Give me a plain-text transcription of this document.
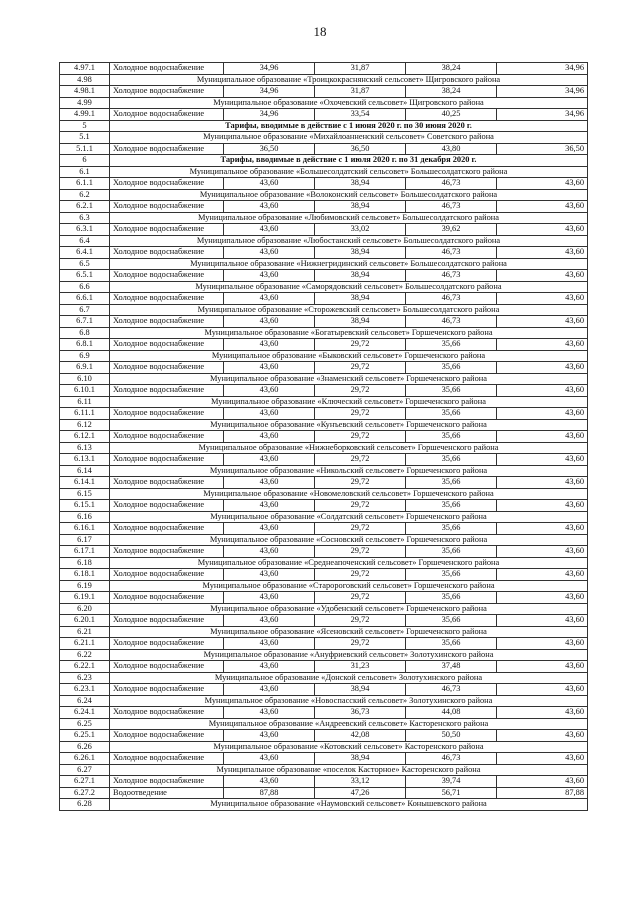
18
4.97.1	Холодное водоснабжение	34,96	31,87	38,24	34,96
4.98	Муниципальное образование «Троицкокраснянский сельсовет» Щигровского района				
4.98.1	Холодное водоснабжение	34,96	31,87	38,24	34,96
4.99	Муниципальное образование «Охочевский сельсовет» Щигровского района				
4.99.1	Холодное водоснабжение	34,96	33,54	40,25	34,96
5	Тарифы, вводимые в действие с 1 июня 2020 г. по 30 июня 2020 г.				
5.1	Муниципальное образование «Михайлоанненский сельсовет» Советского района				
5.1.1	Холодное водоснабжение	36,50	36,50	43,80	36,50
6	Тарифы, вводимые в действие с 1 июля 2020 г. по 31 декабря 2020 г.				
6.1	Муниципальное образование «Большесолдатский сельсовет» Большесолдатского района				
6.1.1	Холодное водоснабжение	43,60	38,94	46,73	43,60
6.2	Муниципальное образование «Волоконский сельсовет» Большесолдатского района				
6.2.1	Холодное водоснабжение	43,60	38,94	46,73	43,60
6.3	Муниципальное образование «Любимовский сельсовет» Большесолдатского района				
6.3.1	Холодное водоснабжение	43,60	33,02	39,62	43,60
6.4	Муниципальное образование «Любостанский сельсовет» Большесолдатского района				
6.4.1	Холодное водоснабжение	43,60	38,94	46,73	43,60
6.5	Муниципальное образование «Нижнегридинский сельсовет» Большесолдатского района				
6.5.1	Холодное водоснабжение	43,60	38,94	46,73	43,60
6.6	Муниципальное образование «Саморядовский сельсовет» Большесолдатского района				
6.6.1	Холодное водоснабжение	43,60	38,94	46,73	43,60
6.7	Муниципальное образование «Сторожевский сельсовет» Большесолдатского района				
6.7.1	Холодное водоснабжение	43,60	38,94	46,73	43,60
6.8	Муниципальное образование «Богатыревский сельсовет» Горшеченского района				
6.8.1	Холодное водоснабжение	43,60	29,72	35,66	43,60
6.9	Муниципальное образование «Быковский сельсовет» Горшеченского района				
6.9.1	Холодное водоснабжение	43,60	29,72	35,66	43,60
6.10	Муниципальное образование «Знаменский сельсовет» Горшеченского района				
6.10.1	Холодное водоснабжение	43,60	29,72	35,66	43,60
6.11	Муниципальное образование «Ключеский сельсовет» Горшеченского района				
6.11.1	Холодное водоснабжение	43,60	29,72	35,66	43,60
6.12	Муниципальное образование «Кунъевский сельсовет» Горшеченского района				
6.12.1	Холодное водоснабжение	43,60	29,72	35,66	43,60
6.13	Муниципальное образование «Нижнеборковский сельсовет» Горшеченского района				
6.13.1	Холодное водоснабжение	43,60	29,72	35,66	43,60
6.14	Муниципальное образование «Никольский сельсовет» Горшеченского района				
6.14.1	Холодное водоснабжение	43,60	29,72	35,66	43,60
6.15	Муниципальное образование «Новомеловский сельсовет» Горшеченского района				
6.15.1	Холодное водоснабжение	43,60	29,72	35,66	43,60
6.16	Муниципальное образование «Солдатский сельсовет» Горшеченского района				
6.16.1	Холодное водоснабжение	43,60	29,72	35,66	43,60
6.17	Муниципальное образование «Сосновский сельсовет» Горшеченского района				
6.17.1	Холодное водоснабжение	43,60	29,72	35,66	43,60
6.18	Муниципальное образование «Среднеапоченский сельсовет» Горшеченского района				
6.18.1	Холодное водоснабжение	43,60	29,72	35,66	43,60
6.19	Муниципальное образование «Старороговский сельсовет» Горшеченского района				
6.19.1	Холодное водоснабжение	43,60	29,72	35,66	43,60
6.20	Муниципальное образование «Удобенский сельсовет» Горшеченского района				
6.20.1	Холодное водоснабжение	43,60	29,72	35,66	43,60
6.21	Муниципальное образование «Ясеновский сельсовет» Горшеченского района				
6.21.1	Холодное водоснабжение	43,60	29,72	35,66	43,60
6.22	Муниципальное образование «Ануфриевский сельсовет» Золотухинского района				
6.22.1	Холодное водоснабжение	43,60	31,23	37,48	43,60
6.23	Муниципальное образование «Донской сельсовет» Золотухинского района				
6.23.1	Холодное водоснабжение	43,60	38,94	46,73	43,60
6.24	Муниципальное образование «Новоспасский сельсовет» Золотухинского района				
6.24.1	Холодное водоснабжение	43,60	36,73	44,08	43,60
6.25	Муниципальное образование «Андреевский сельсовет» Касторенского района				
6.25.1	Холодное водоснабжение	43,60	42,08	50,50	43,60
6.26	Муниципальное образование «Котовский сельсовет» Касторенского района				
6.26.1	Холодное водоснабжение	43,60	38,94	46,73	43,60
6.27	Муниципальное образование «поселок Касторное» Касторенского района				
6.27.1	Холодное водоснабжение	43,60	33,12	39,74	43,60
6.27.2	Водоотведение	87,88	47,26	56,71	87,88
6.28	Муниципальное образование «Наумовский сельсовет» Конышевского района				
